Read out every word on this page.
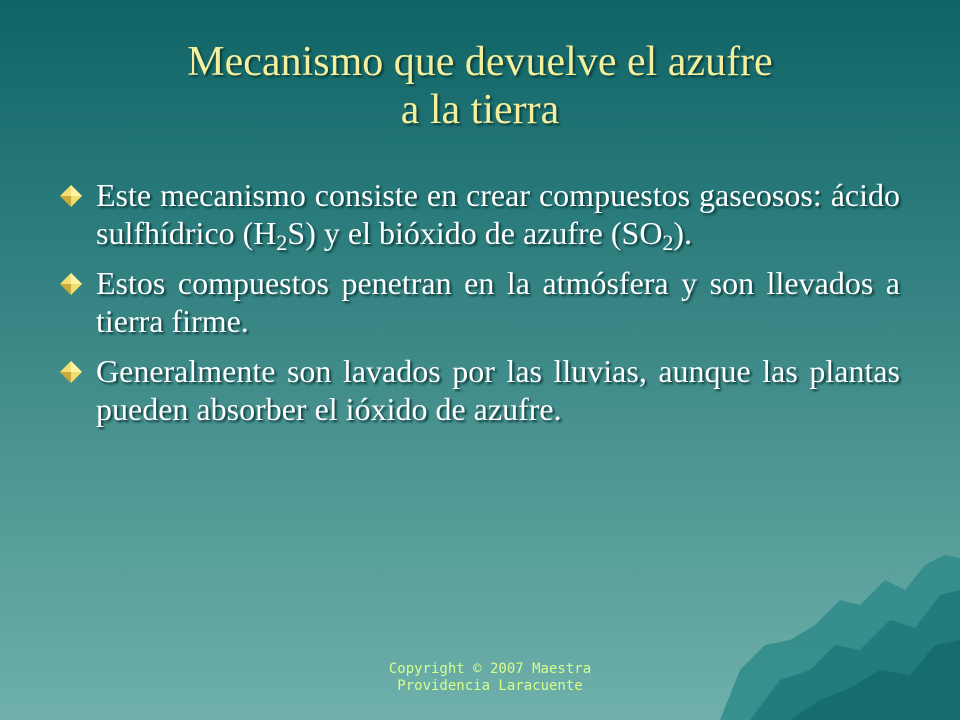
Mecanismo que devuelve el azufre
a la tierra
Este mecanismo consiste en crear compuestos gaseosos: ácido sulfhídrico $(H_2S)$ y el bióxido de azufre $(SO_2)$.
Estos compuestos penetran en la atmósfera y son llevados a tierra firme.
Generalmente son lavados por las lluvias, aunque las plantas pueden absorber el ióxido de azufre.
Copyright © 2007 Maestra
Providencia Laracuente
